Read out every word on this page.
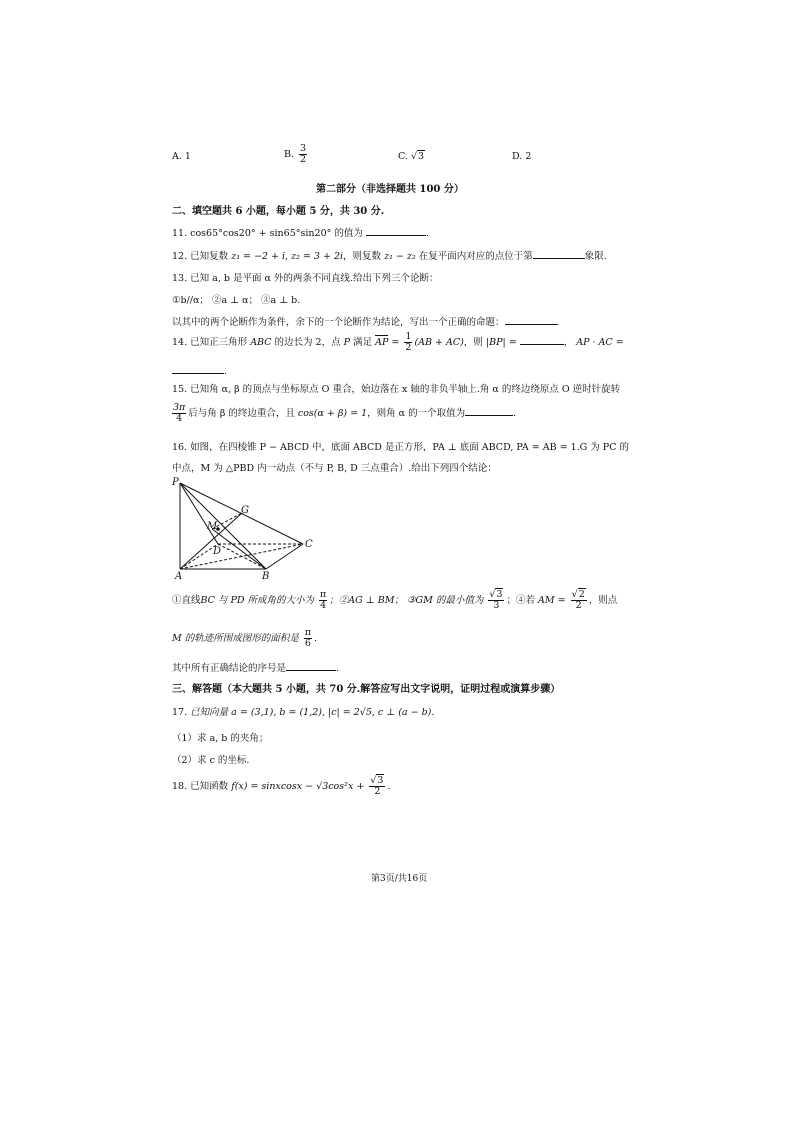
A. 1	B. $\frac{3}{2}$	C. √3	D. 2
第二部分（非选择题共 100 分）
二、填空题共 6 小题，每小题 5 分，共 30 分.
11. cos65°cos20° + sin65°sin20° 的值为	.
12. 已知复数 z₁ = −2 + i, z₂ = 3 + 2i，则复数 z₁ − z₂ 在复平面内对应的点位于第	象限.
13. 已知 a, b 是平面 α 外的两条不同直线.给出下列三个论断：
①b//α； ②a ⊥ α； ③a ⊥ b.
以其中的两个论断作为条件，余下的一个论断作为结论，写出一个正确的命题：	.
14. 已知正三角形 ABC 的边长为 2，点 P 满足 AP = $\frac{1}{2} (AB + AC)$，则 |BP| =	， AP · AC =
.
15. 已知角 α, β 的顶点与坐标原点 O 重合，始边落在 x 轴的非负半轴上.角 α 的终边绕原点 O 逆时针旋转
$\frac{3\pi}{4}$ 后与角 β 的终边重合，且 cos(α + β) = 1，则角 α 的一个取值为	.
16. 如图，在四棱锥 P − ABCD 中，底面 ABCD 是正方形，PA ⊥ 底面 ABCD, PA = AB = 1.G 为 PC 的
中点，M 为 △PBD 内一动点（不与 P, B, D 三点重合）.给出下列四个结论：
P
G
M
D
C
A	B
①直线BC 与 PD 所成角的大小为 $\frac{\pi}{4}$ ；②AG ⊥ BM； ③GM 的最小值为 $\frac{√3}{3}$ ；④若 AM = $\frac{√2}{2}$ ，则点
M 的轨迹所围成图形的面积是 $\frac{\pi}{6}$ .
其中所有正确结论的序号是	.
三、解答题（本大题共 5 小题，共 70 分.解答应写出文字说明，证明过程或演算步骤）
17. 已知向量 a = (3,1), b = (1,2), |c| = 2√5, c ⊥ (a − b).
（1）求 a, b 的夹角；
（2）求 c 的坐标.
18. 已知函数 f(x) = sinxcosx − $√3\cos^2x + \frac{√3}{2}$ .
第3页/共16页
